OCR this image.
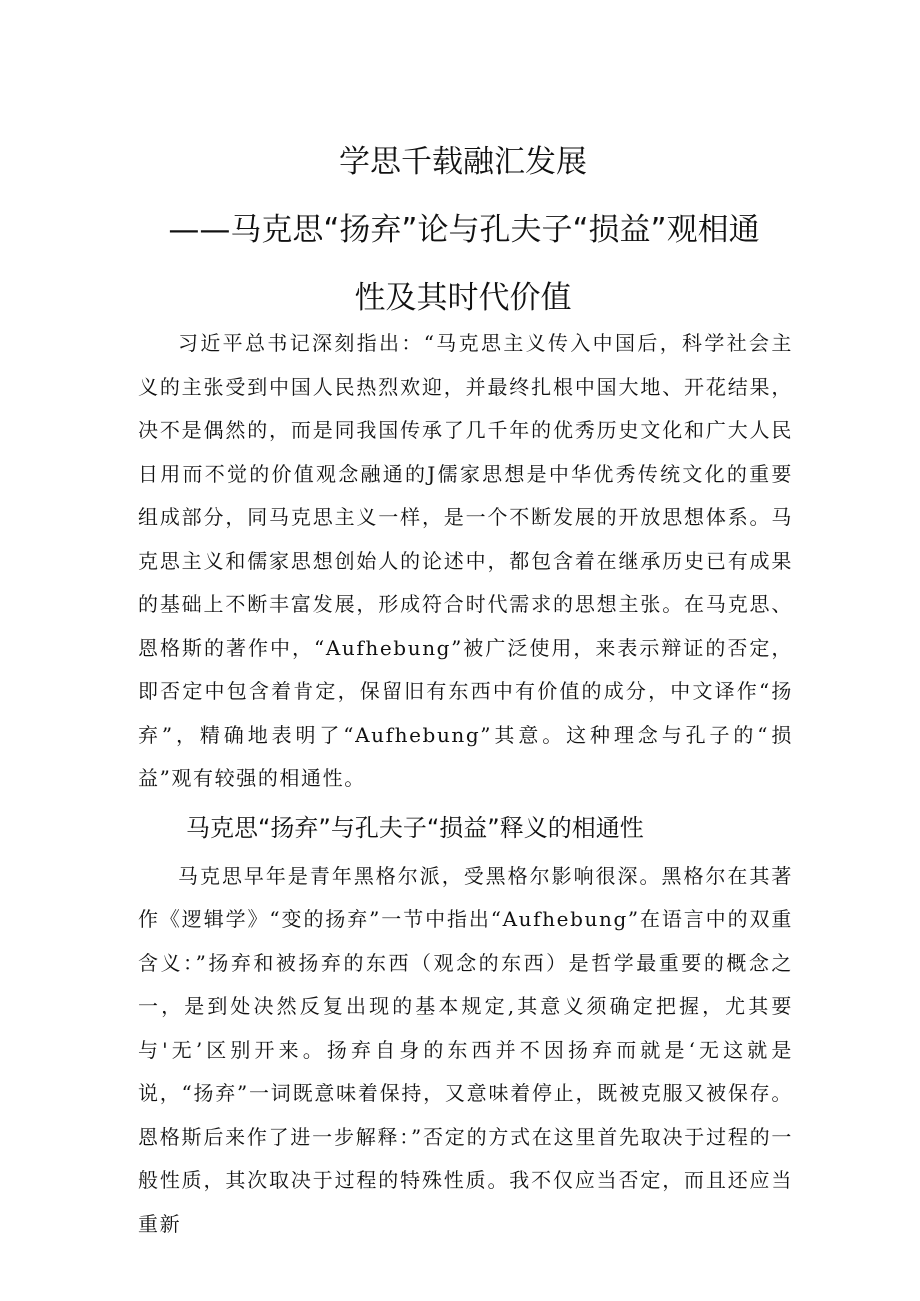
学思千载融汇发展
——马克思“扬弃”论与孔夫子“损益”观相通
性及其时代价值

习近平总书记深刻指出：“马克思主义传入中国后，科学社会主义的主张受到中国人民热烈欢迎，并最终扎根中国大地、开花结果，决不是偶然的，而是同我国传承了几千年的优秀历史文化和广大人民日用而不觉的价值观念融通的J儒家思想是中华优秀传统文化的重要组成部分，同马克思主义一样，是一个不断发展的开放思想体系。马克思主义和儒家思想创始人的论述中，都包含着在继承历史已有成果的基础上不断丰富发展，形成符合时代需求的思想主张。在马克思、恩格斯的著作中，“Aufhebung”被广泛使用，来表示辩证的否定，即否定中包含着肯定，保留旧有东西中有价值的成分，中文译作“扬弃”，精确地表明了“Aufhebung”其意。这种理念与孔子的“损益”观有较强的相通性。

马克思“扬弃”与孔夫子“损益”释义的相通性

马克思早年是青年黑格尔派，受黑格尔影响很深。黑格尔在其著作《逻辑学》“变的扬弃”一节中指出“Aufhebung”在语言中的双重含义：”扬弃和被扬弃的东西（观念的东西）是哲学最重要的概念之一，是到处决然反复出现的基本规定,其意义须确定把握，尤其要与'无’区别开来。扬弃自身的东西并不因扬弃而就是‘无这就是说，“扬弃”一词既意味着保持，又意味着停止，既被克服又被保存。恩格斯后来作了进一步解释：”否定的方式在这里首先取决于过程的一般性质，其次取决于过程的特殊性质。我不仅应当否定，而且还应当重新
